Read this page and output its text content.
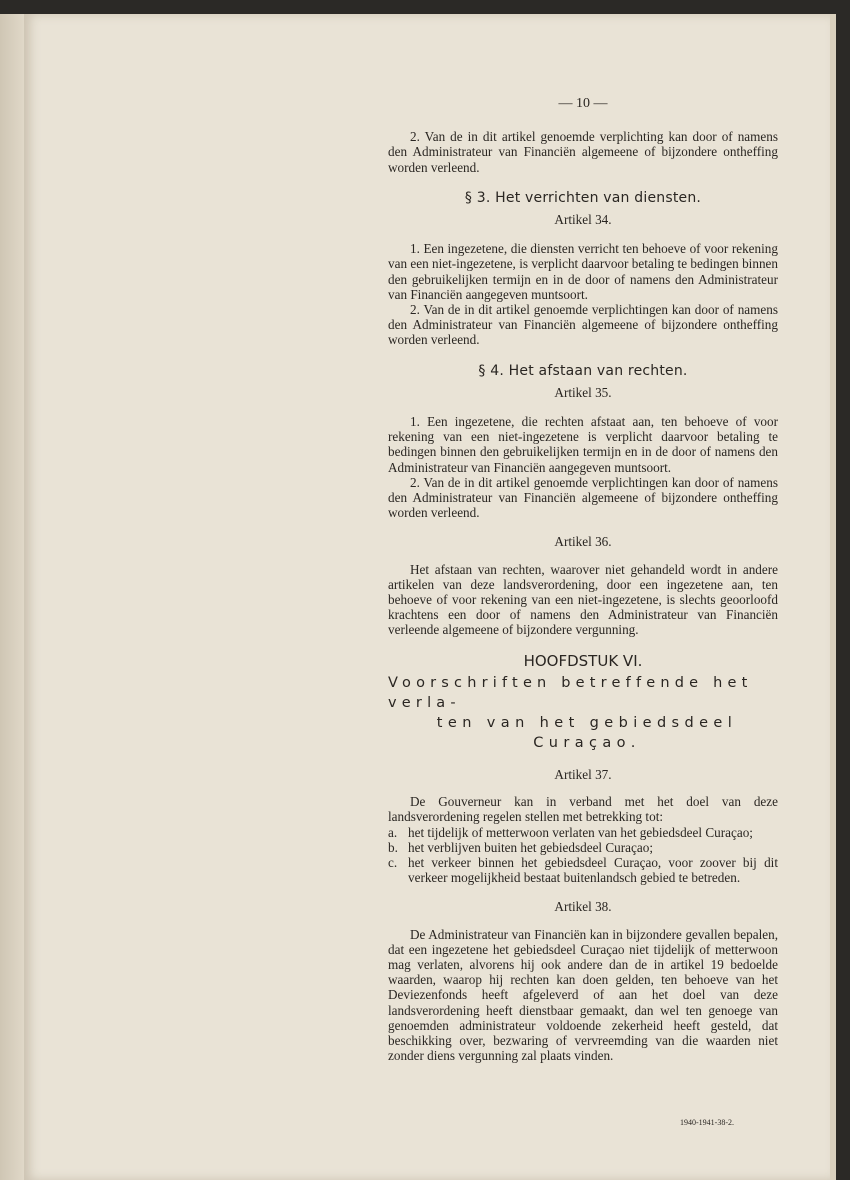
— 10 —

2. Van de in dit artikel genoemde verplichting kan door of namens den Administrateur van Financiën algemeene of bijzondere ontheffing worden verleend.

§ 3. Het verrichten van diensten.
Artikel 34.

1. Een ingezetene, die diensten verricht ten behoeve of voor rekening van een niet-ingezetene, is verplicht daarvoor betaling te bedingen binnen den gebruikelijken termijn en in de door of namens den Administrateur van Financiën aangegeven muntsoort.

2. Van de in dit artikel genoemde verplichtingen kan door of namens den Administrateur van Financiën algemeene of bijzondere ontheffing worden verleend.

§ 4. Het afstaan van rechten.
Artikel 35.

1. Een ingezetene, die rechten afstaat aan, ten behoeve of voor rekening van een niet-ingezetene is verplicht daarvoor betaling te bedingen binnen den gebruikelijken termijn en in de door of namens den Administrateur van Financiën aangegeven muntsoort.

2. Van de in dit artikel genoemde verplichtingen kan door of namens den Administrateur van Financiën algemeene of bijzondere ontheffing worden verleend.

Artikel 36.

Het afstaan van rechten, waarover niet gehandeld wordt in andere artikelen van deze landsverordening, door een ingezetene aan, ten behoeve of voor rekening van een niet-ingezetene, is slechts geoorloofd krachtens een door of namens den Administrateur van Financiën verleende algemeene of bijzondere vergunning.

HOOFDSTUK VI.

Voorschriften betreffende het verla-

ten van het gebiedsdeel Curaçao.

Artikel 37.

De Gouverneur kan in verband met het doel van deze landsverordening regelen stellen met betrekking tot:

a. het tijdelijk of metterwoon verlaten van het gebiedsdeel Curaçao;
b. het verblijven buiten het gebiedsdeel Curaçao;
c. het verkeer binnen het gebiedsdeel Curaçao, voor zoover bij dit verkeer mogelijkheid bestaat buitenlandsch gebied te betreden.
Artikel 38.

De Administrateur van Financiën kan in bijzondere gevallen bepalen, dat een ingezetene het gebiedsdeel Curaçao niet tijdelijk of metterwoon mag verlaten, alvorens hij ook andere dan de in artikel 19 bedoelde waarden, waarop hij rechten kan doen gelden, ten behoeve van het Deviezenfonds heeft afgeleverd of aan het doel van deze landsverordening heeft dienstbaar gemaakt, dan wel ten genoege van genoemden administrateur voldoende zekerheid heeft gesteld, dat beschikking over, bezwaring of vervreemding van die waarden niet zonder diens vergunning zal plaats vinden.

1940-1941-38-2.
